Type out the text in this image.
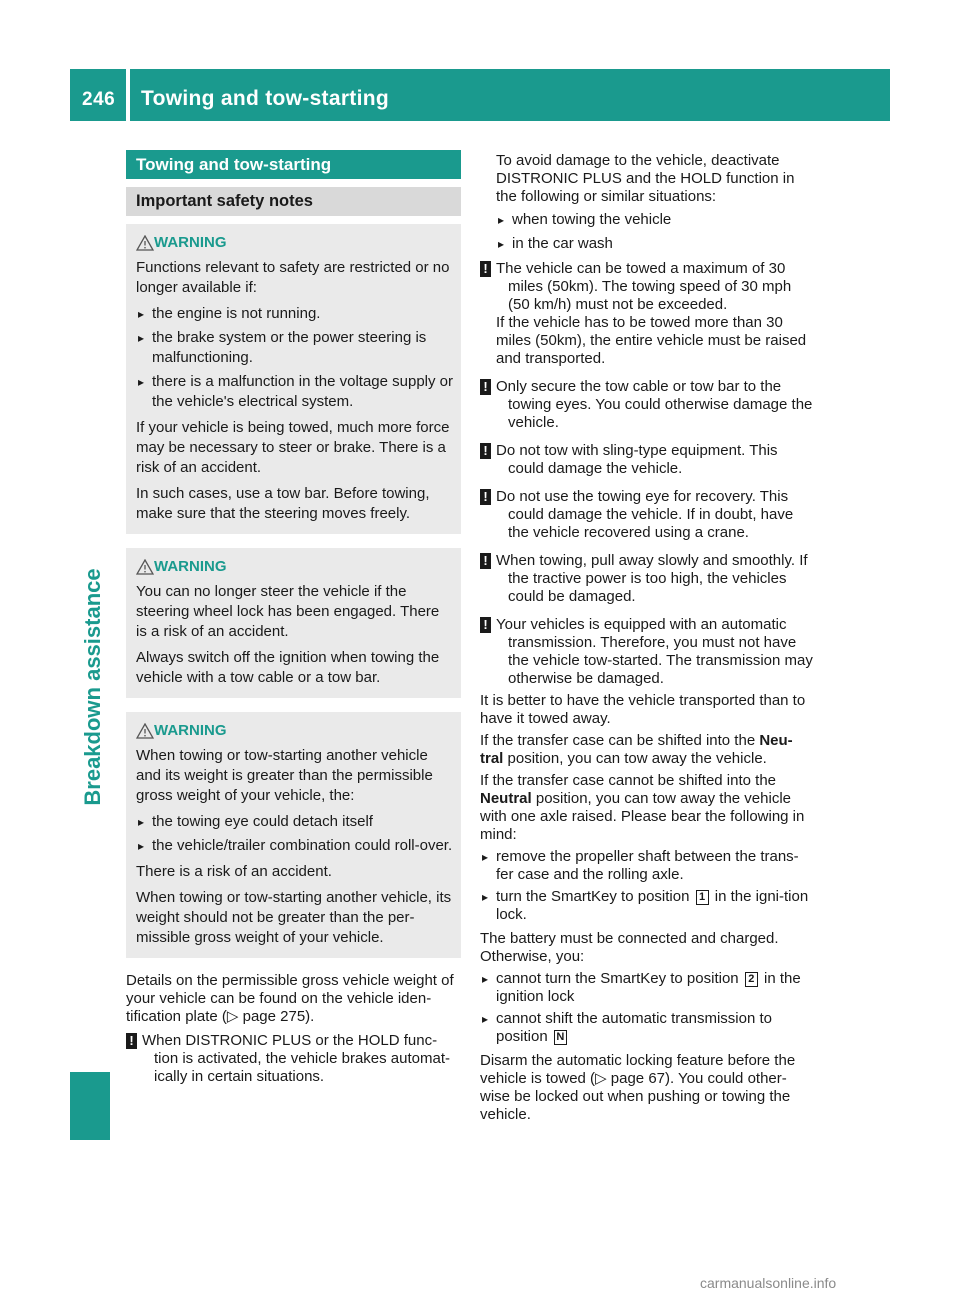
246 Towing and tow-starting
Breakdown assistance
Towing and tow-starting
Important safety notes
WARNING

Functions relevant to safety are restricted or no longer available if:

▸ the engine is not running.
▸ the brake system or the power steering is malfunctioning.
▸ there is a malfunction in the voltage supply or the vehicle's electrical system.

If your vehicle is being towed, much more force may be necessary to steer or brake. There is a risk of an accident.

In such cases, use a tow bar. Before towing, make sure that the steering moves freely.

WARNING

You can no longer steer the vehicle if the steering wheel lock has been engaged. There is a risk of an accident.

Always switch off the ignition when towing the vehicle with a tow cable or a tow bar.

WARNING

When towing or tow-starting another vehicle and its weight is greater than the permissible gross weight of your vehicle, the:

▸ the towing eye could detach itself
▸ the vehicle/trailer combination could roll-over.

There is a risk of an accident.

When towing or tow-starting another vehicle, its weight should not be greater than the per-missible gross weight of your vehicle.

Details on the permissible gross vehicle weight of your vehicle can be found on the vehicle iden-tification plate (▷ page 275).

! When DISTRONIC PLUS or the HOLD func-tion is activated, the vehicle brakes automat-ically in certain situations.

To avoid damage to the vehicle, deactivate DISTRONIC PLUS and the HOLD function in the following or similar situations:

▸ when towing the vehicle
▸ in the car wash
! The vehicle can be towed a maximum of 30 miles (50km). The towing speed of 30 mph (50 km/h) must not be exceeded.
If the vehicle has to be towed more than 30 miles (50km), the entire vehicle must be raised and transported.
! Only secure the tow cable or tow bar to the towing eyes. You could otherwise damage the vehicle.
! Do not tow with sling-type equipment. This could damage the vehicle.
! Do not use the towing eye for recovery. This could damage the vehicle. If in doubt, have the vehicle recovered using a crane.
! When towing, pull away slowly and smoothly. If the tractive power is too high, the vehicles could be damaged.
! Your vehicles is equipped with an automatic transmission. Therefore, you must not have the vehicle tow-started. The transmission may otherwise be damaged.

It is better to have the vehicle transported than to have it towed away.

If the transfer case can be shifted into the Neu-tral position, you can tow away the vehicle.

If the transfer case cannot be shifted into the Neutral position, you can tow away the vehicle with one axle raised. Please bear the following in mind:

▸ remove the propeller shaft between the trans-fer case and the rolling axle.
▸ turn the SmartKey to position 1 in the igni-tion lock.

The battery must be connected and charged. Otherwise, you:

▸ cannot turn the SmartKey to position 2 in the ignition lock
▸ cannot shift the automatic transmission to position N

Disarm the automatic locking feature before the vehicle is towed (▷ page 67). You could other-wise be locked out when pushing or towing the vehicle.

carmanualsonline.info
